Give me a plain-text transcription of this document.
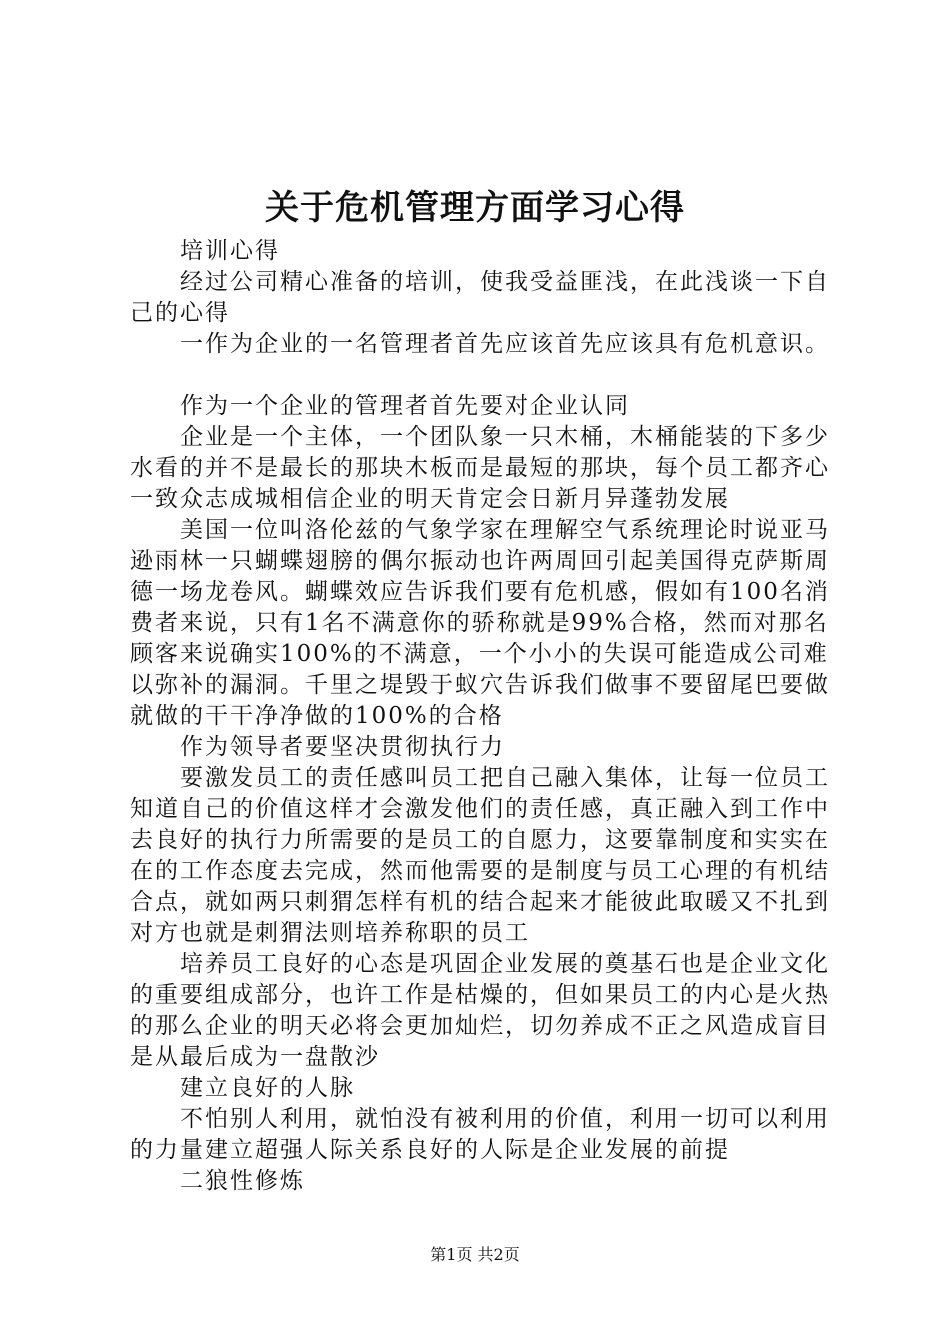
关于危机管理方面学习心得

培训心得

经过公司精心准备的培训，使我受益匪浅，在此浅谈一下自己的心得

一作为企业的一名管理者首先应该首先应该具有危机意识。

作为一个企业的管理者首先要对企业认同

企业是一个主体，一个团队象一只木桶，木桶能装的下多少水看的并不是最长的那块木板而是最短的那块，每个员工都齐心一致众志成城相信企业的明天肯定会日新月异蓬勃发展

美国一位叫洛伦兹的气象学家在理解空气系统理论时说亚马逊雨林一只蝴蝶翅膀的偶尔振动也许两周回引起美国得克萨斯周德一场龙卷风。蝴蝶效应告诉我们要有危机感，假如有100名消费者来说，只有1名不满意你的骄称就是99%合格，然而对那名顾客来说确实100%的不满意，一个小小的失误可能造成公司难以弥补的漏洞。千里之堤毁于蚁穴告诉我们做事不要留尾巴要做就做的干干净净做的100%的合格

作为领导者要坚决贯彻执行力

要激发员工的责任感叫员工把自己融入集体，让每一位员工知道自己的价值这样才会激发他们的责任感，真正融入到工作中去良好的执行力所需要的是员工的自愿力，这要靠制度和实实在在的工作态度去完成，然而他需要的是制度与员工心理的有机结合点，就如两只刺猬怎样有机的结合起来才能彼此取暖又不扎到对方也就是刺猬法则培养称职的员工

培养员工良好的心态是巩固企业发展的奠基石也是企业文化的重要组成部分，也许工作是枯燥的，但如果员工的内心是火热的那么企业的明天必将会更加灿烂，切勿养成不正之风造成盲目是从最后成为一盘散沙

建立良好的人脉

不怕别人利用，就怕没有被利用的价值，利用一切可以利用的力量建立超强人际关系良好的人际是企业发展的前提

二狼性修炼

第1页 共2页
